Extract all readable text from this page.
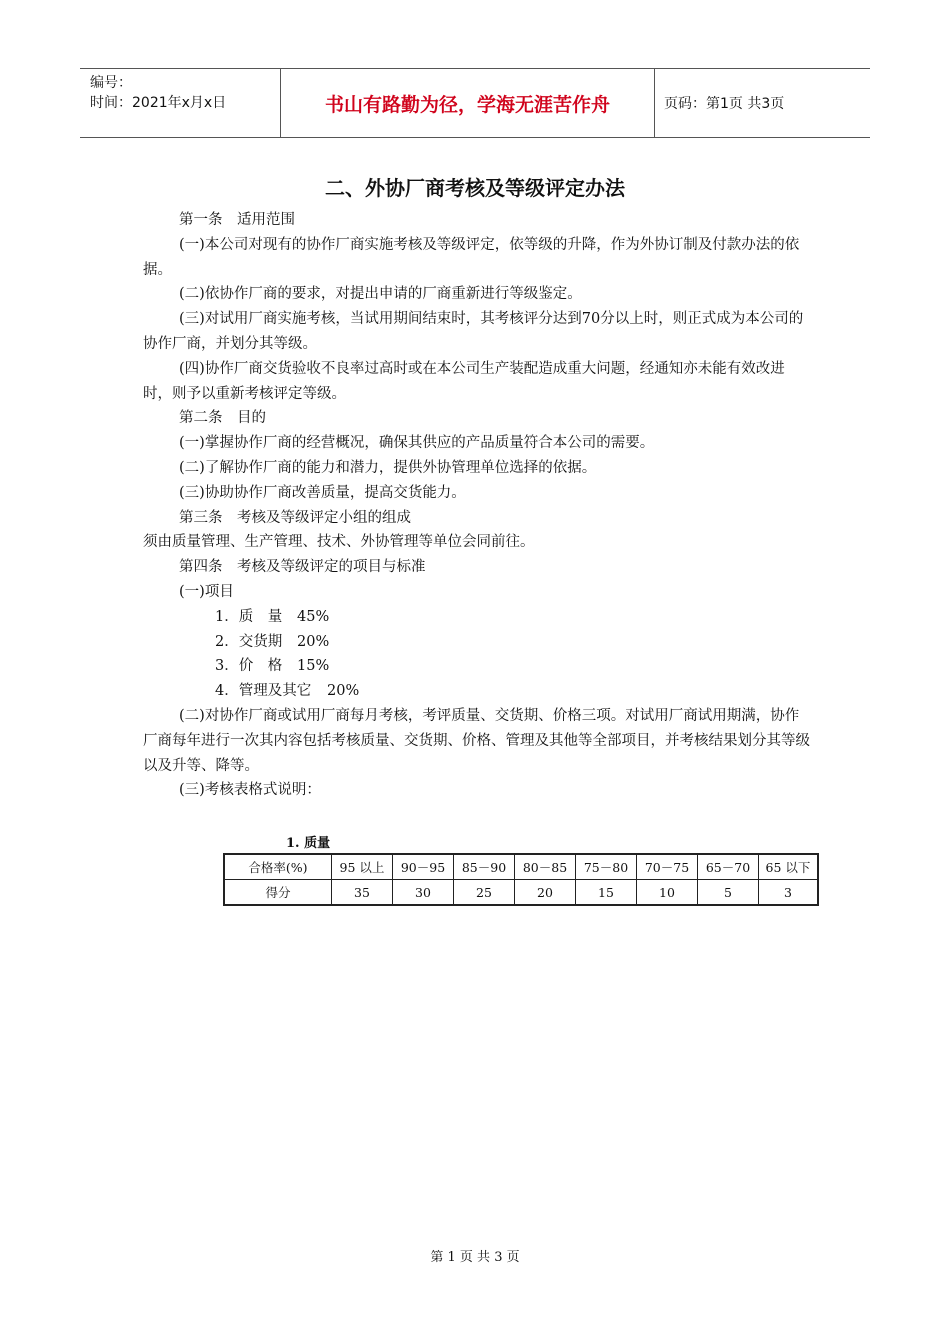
编号：
时间：2021年x月x日	书山有路勤为径，学海无涯苦作舟	页码：第1页 共3页
二、外协厂商考核及等级评定办法

第一条　适用范围

(一)本公司对现有的协作厂商实施考核及等级评定，依等级的升降，作为外协订制及付款办法的依据。

(二)依协作厂商的要求，对提出申请的厂商重新进行等级鉴定。

(三)对试用厂商实施考核，当试用期间结束时，其考核评分达到70分以上时，则正式成为本公司的协作厂商，并划分其等级。

(四)协作厂商交货验收不良率过高时或在本公司生产装配造成重大问题，经通知亦未能有效改进时，则予以重新考核评定等级。

第二条　目的

(一)掌握协作厂商的经营概况，确保其供应的产品质量符合本公司的需要。

(二)了解协作厂商的能力和潜力，提供外协管理单位选择的依据。

(三)协助协作厂商改善质量，提高交货能力。

第三条　考核及等级评定小组的组成

须由质量管理、生产管理、技术、外协管理等单位会同前往。

第四条　考核及等级评定的项目与标准

(一)项目

1．质　量 45%

2．交货期 20%

3．价　格 15%

4．管理及其它 20%

(二)对协作厂商或试用厂商每月考核，考评质量、交货期、价格三项。对试用厂商试用期满，协作厂商每年进行一次其内容包括考核质量、交货期、价格、管理及其他等全部项目，并考核结果划分其等级以及升等、降等。

(三)考核表格式说明：

1. 质量
合格率(%)	95 以上	90－95	85－90	80－85	75－80	70－75	65－70	65 以下
得分	35	30	25	20	15	10	5	3
第 1 页 共 3 页
